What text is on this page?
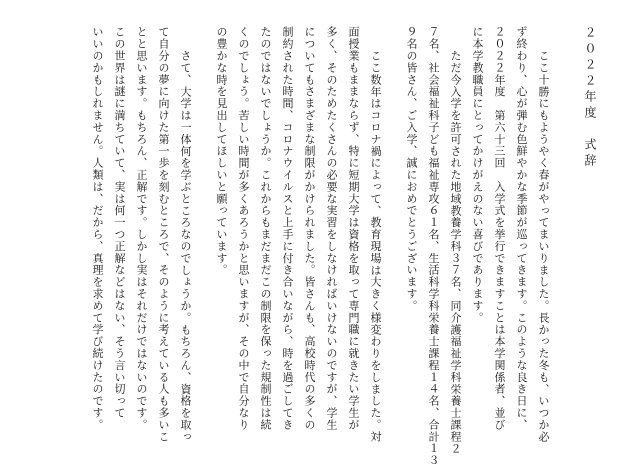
２０２２年度　式辞
　ここ十勝にもようやく春がやってまいりました。長かった冬も、いつか必
ず終わり、心が弾む色鮮やかな季節が巡ってきます。このような良き日に、
２０２２年度　第六十三回　入学式を挙行できますことは本学関係者、並び
に本学教職員にとってかけがえのない喜びであります。
　ただ今入学を許可された地域教養学科３７名、同介護福祉学科栄養士課程２
７名、社会福祉科子ども福祉専攻６１名、生活科学科栄養士課程１４名、合計１３
９名の皆さん、ご入学、誠におめでとうございます。
　ここ数年はコロナ禍によって、教育現場は大きく様変わりをしました。対
面授業もままならず、特に短期大学は資格を取って専門職に就きたい学生が
多く、そのためたくさんの必要な実習をしなければいけないのですが、学生
についてもさまざまな制限がかけられました。皆さんも、高校時代の多くの
制約された時間、コロナウイルスと上手に付き合いながら、時を過ごしてき
たのではないでしょうか。これからもまだまだこの制限を保った規制性は続
くのでしょう。苦しい時間が多くあろうかと思いますが、その中で自分なり
の豊かな時を見出してほしいと願っています。
　さて、大学は一体何を学ぶところなのでしょうか。もちろん、資格を取っ
て自分の夢に向けた第一歩を刻むところで、そのように考えている人も多いこ
とと思います。もちろん、正解です。しかし実はそれだけではないのです。
この世界は謎に満ちていて、実は何一つ正解などはない、そう言い切って
いいのかもしれません。人類は、だから、真理を求めて学び続けたのです。
